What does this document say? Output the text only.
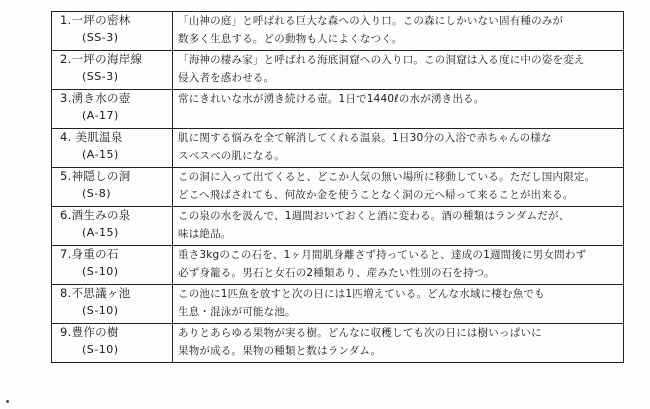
1.一坪の密林
(SS-3)	「山神の庭」と呼ばれる巨大な森への入り口。この森にしかいない固有種のみが
数多く生息する。どの動物も人によくなつく。

2.一坪の海岸線
(SS-3)	「海神の棲み家」と呼ばれる海底洞窟への入り口。この洞窟は入る度に中の姿を変え
侵入者を惑わせる。

3.湧き水の壺
(A-17)	常にきれいな水が湧き続ける壺。1日で1440ℓの水が湧き出る。

4. 美肌温泉
(A-15)	肌に関する悩みを全て解消してくれる温泉。1日30分の入浴で赤ちゃんの様な
スベスベの肌になる。

5.神隠しの洞
(S-8)	この洞に入って出てくると、どこか人気の無い場所に移動している。ただし国内限定。
どこへ飛ばされても、何故か金を使うことなく洞の元へ帰って来ることが出来る。

6.酒生みの泉
(A-15)	この泉の水を汲んで、1週間おいておくと酒に変わる。酒の種類はランダムだが、
味は絶品。

7.身重の石
(S-10)	重さ3kgのこの石を、1ヶ月間肌身離さず持っていると、達成の1週間後に男女問わず
必ず身籠る。男石と女石の2種類あり、産みたい性別の石を持つ。

8.不思議ヶ池
(S-10)	この池に1匹魚を放すと次の日には1匹増えている。どんな水域に棲む魚でも
生息・混泳が可能な池。

9.豊作の樹
(S-10)	ありとあらゆる果物が実る樹。どんなに収穫しても次の日には樹いっぱいに
果物が成る。果物の種類と数はランダム。
